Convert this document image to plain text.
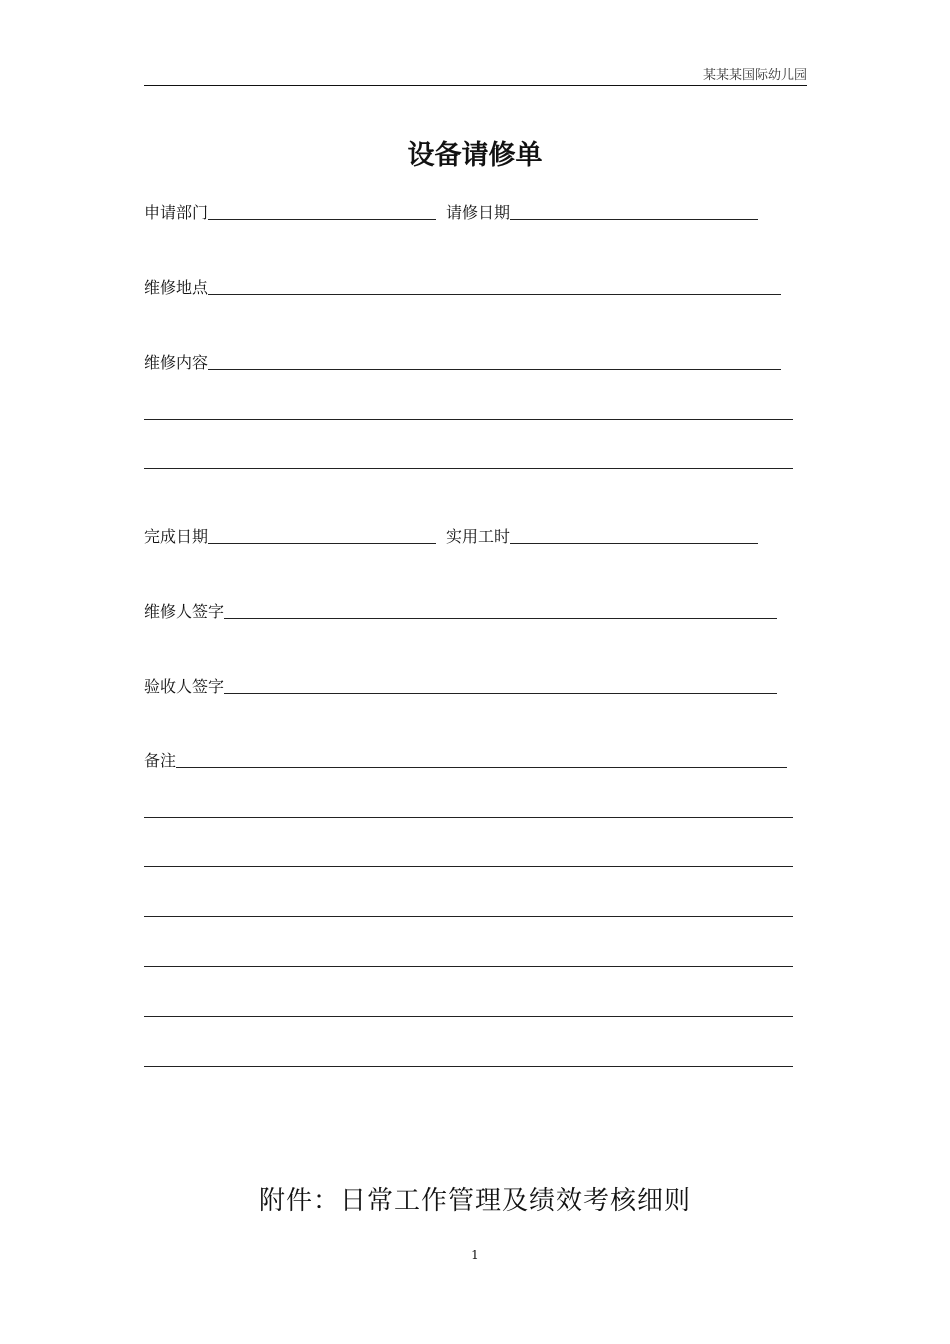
某某某国际幼儿园
设备请修单
申请部门	请修日期
维修地点
维修内容
完成日期	实用工时
维修人签字
验收人签字
备注
附件：日常工作管理及绩效考核细则
1
